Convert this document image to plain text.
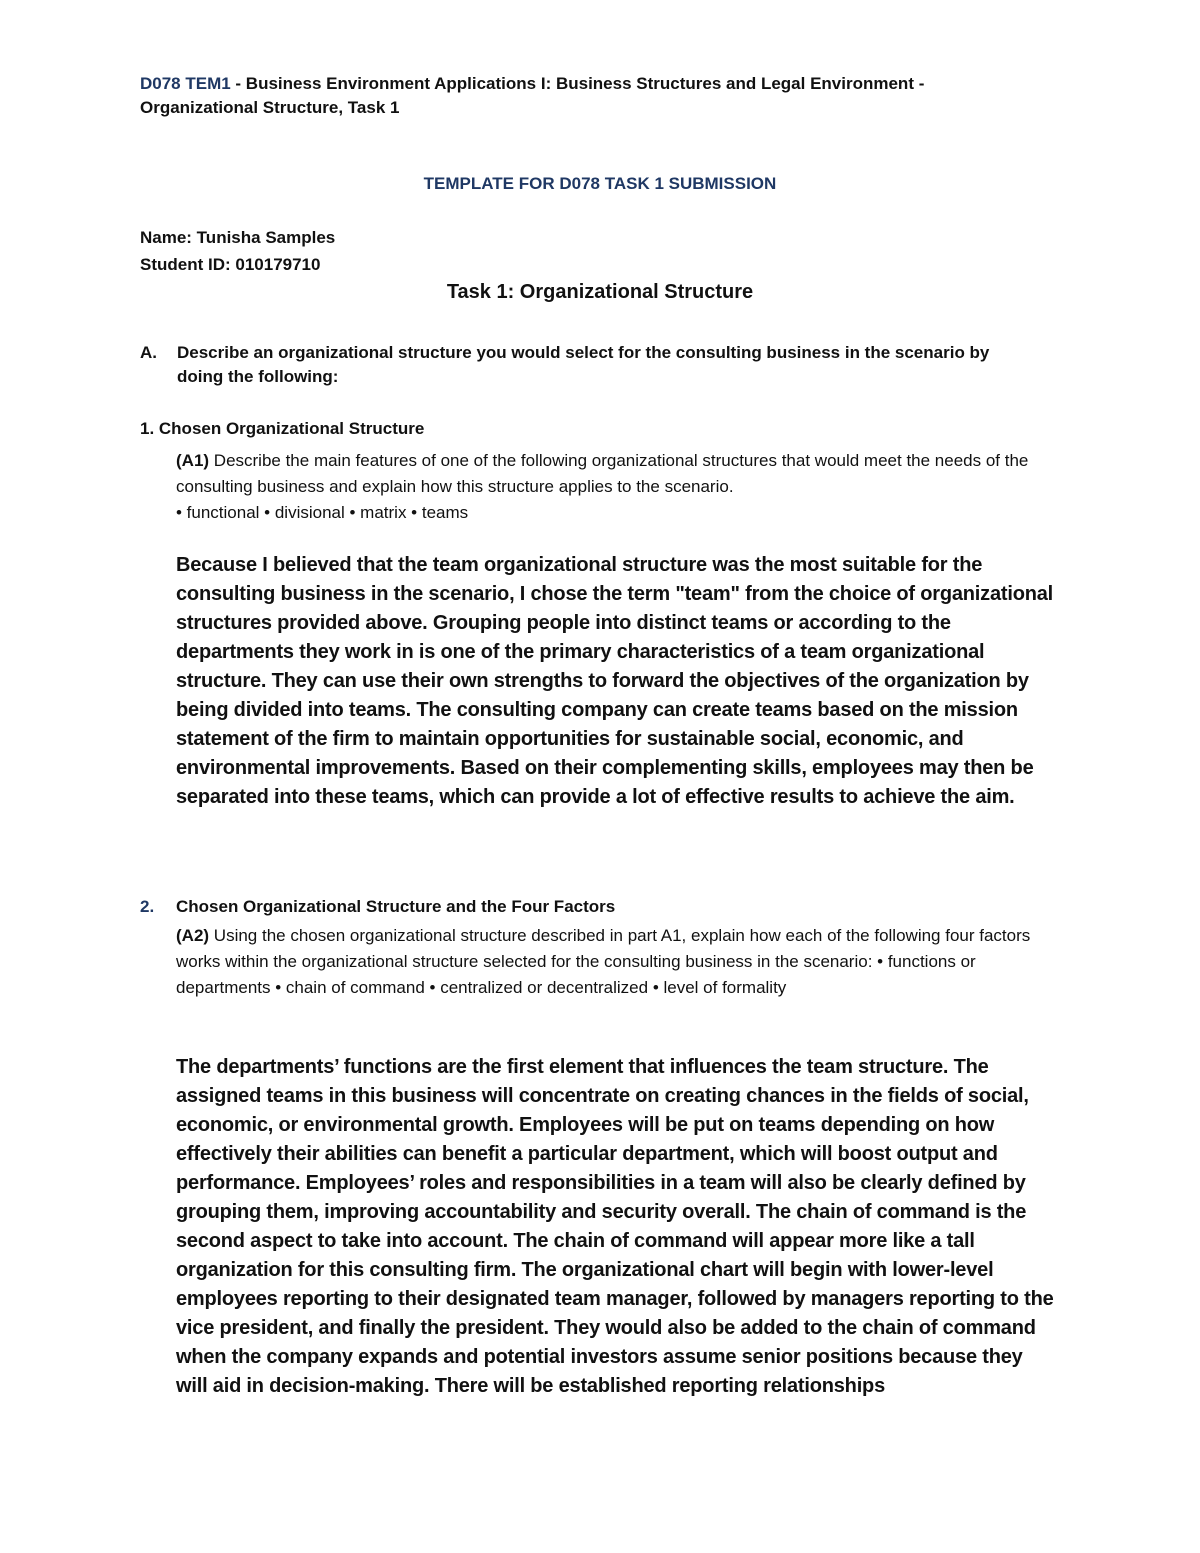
D078 TEM1 - Business Environment Applications I: Business Structures and Legal Environment - Organizational Structure, Task 1
TEMPLATE FOR D078 TASK 1 SUBMISSION
Name: Tunisha Samples
Student ID: 010179710
Task 1: Organizational Structure
A. Describe an organizational structure you would select for the consulting business in the scenario by
doing the following:
1. Chosen Organizational Structure
(A1) Describe the main features of one of the following organizational structures that would meet the needs of the consulting business and explain how this structure applies to the scenario.
• functional • divisional • matrix • teams
Because I believed that the team organizational structure was the most suitable for the consulting business in the scenario, I chose the term "team" from the choice of organizational structures provided above. Grouping people into distinct teams or according to the departments they work in is one of the primary characteristics of a team organizational structure. They can use their own strengths to forward the objectives of the organization by being divided into teams. The consulting company can create teams based on the mission statement of the firm to maintain opportunities for sustainable social, economic, and environmental improvements. Based on their complementing skills, employees may then be separated into these teams, which can provide a lot of effective results to achieve the aim.
2. Chosen Organizational Structure and the Four Factors
(A2) Using the chosen organizational structure described in part A1, explain how each of the following four factors works within the organizational structure selected for the consulting business in the scenario: • functions or departments • chain of command • centralized or decentralized • level of formality
The departments’ functions are the first element that influences the team structure. The assigned teams in this business will concentrate on creating chances in the fields of social, economic, or environmental growth. Employees will be put on teams depending on how effectively their abilities can benefit a particular department, which will boost output and performance. Employees’ roles and responsibilities in a team will also be clearly defined by grouping them, improving accountability and security overall. The chain of command is the second aspect to take into account. The chain of command will appear more like a tall organization for this consulting firm. The organizational chart will begin with lower-level employees reporting to their designated team manager, followed by managers reporting to the vice president, and finally the president. They would also be added to the chain of command when the company expands and potential investors assume senior positions because they will aid in decision-making. There will be established reporting relationships
